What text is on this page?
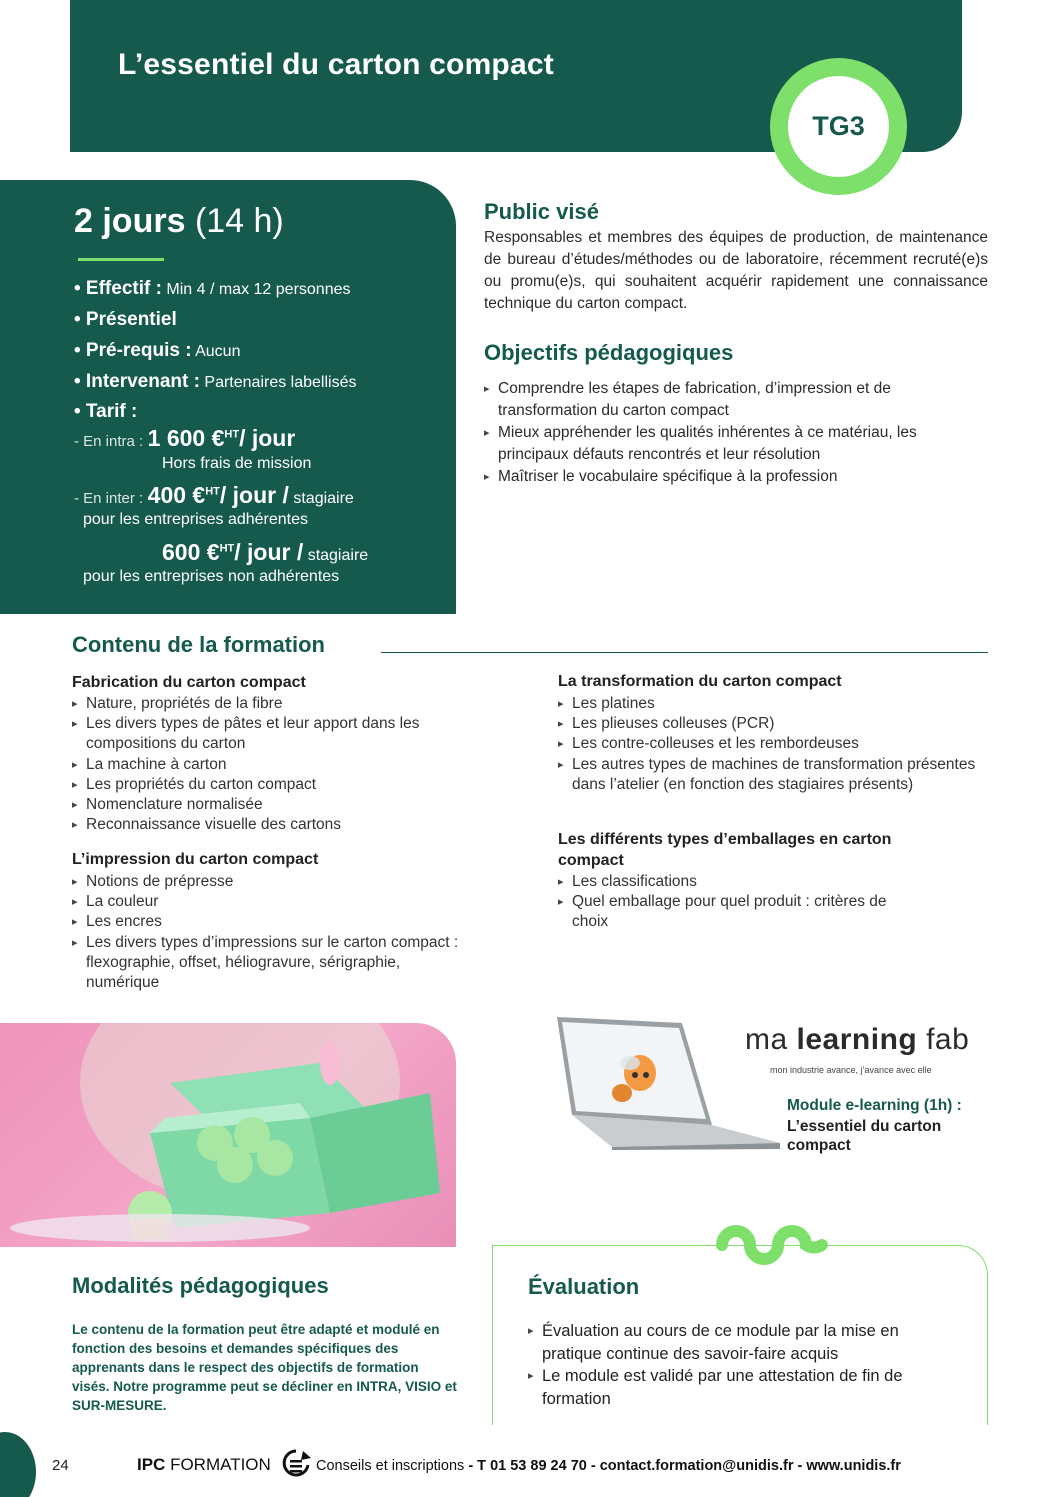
L’essentiel du carton compact
TG3
2 jours (14 h)
• Effectif : Min 4 / max 12 personnes
• Présentiel
• Pré-requis : Aucun
• Intervenant : Partenaires labellisés
• Tarif :
- En intra : 1 600 €$^{HT}$/ jour
Hors frais de mission
- En inter : 400 €$^{HT}$/ jour / stagiaire
pour les entreprises adhérentes
600 €$^{HT}$/ jour / stagiaire
pour les entreprises non adhérentes
Public visé
Responsables et membres des équipes de production, de maintenance de bureau d’études/méthodes ou de laboratoire, récemment recruté(e)s ou promu(e)s, qui souhaitent acquérir rapidement une connaissance technique du carton compact.
Objectifs pédagogiques
▸ Comprendre les étapes de fabrication, d’impression et de transformation du carton compact
▸ Mieux appréhender les qualités inhérentes à ce matériau, les principaux défauts rencontrés et leur résolution
▸ Maîtriser le vocabulaire spécifique à la profession
Contenu de la formation
Fabrication du carton compact
▸ Nature, propriétés de la fibre
▸ Les divers types de pâtes et leur apport dans les compositions du carton
▸ La machine à carton
▸ Les propriétés du carton compact
▸ Nomenclature normalisée
▸ Reconnaissance visuelle des cartons
L’impression du carton compact
▸ Notions de prépresse
▸ La couleur
▸ Les encres
▸ Les divers types d’impressions sur le carton compact : flexographie, offset, héliogravure, sérigraphie, numérique
La transformation du carton compact
▸ Les platines
▸ Les plieuses colleuses (PCR)
▸ Les contre-colleuses et les rembordeuses
▸ Les autres types de machines de transformation présentes dans l’atelier (en fonction des stagiaires présents)
Les différents types d’emballages en carton
compact
▸ Les classifications
▸ Quel emballage pour quel produit : critères de choix
ma learning fab
mon industrie avance, j’avance avec elle
Module e-learning (1h) :
L’essentiel du carton
compact
Modalités pédagogiques
Le contenu de la formation peut être adapté et modulé en fonction des besoins et demandes spécifiques des apprenants dans le respect des objectifs de formation visés. Notre programme peut se décliner en INTRA, VISIO et SUR-MESURE.
Évaluation
▸ Évaluation au cours de ce module par la mise en pratique continue des savoir-faire acquis
▸ Le module est validé par une attestation de fin de formation
24	IPC FORMATION	Conseils et inscriptions - T 01 53 89 24 70 - contact.formation@unidis.fr - www.unidis.fr
